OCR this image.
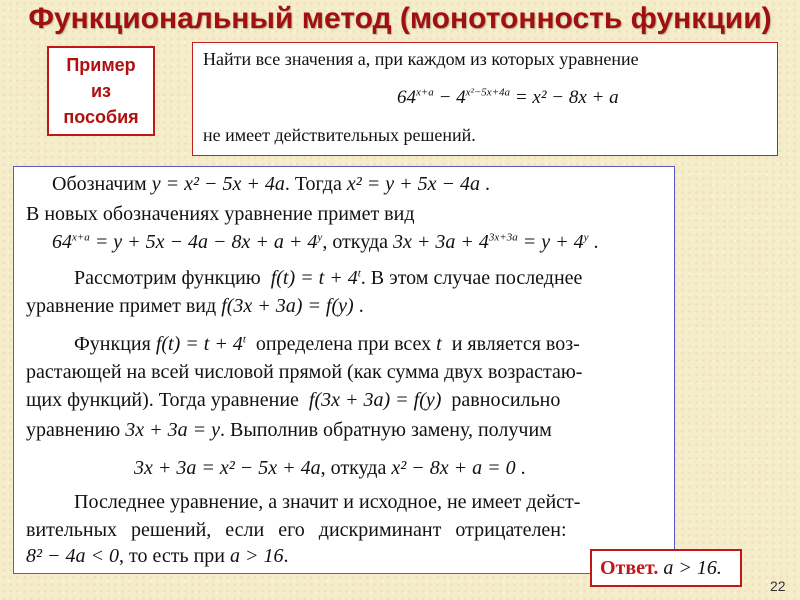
Функциональный метод (монотонность функции)
Пример
из
пособия
Найти все значения a, при каждом из которых уравнение
$64^{x+a} - 4^{x^2-5x+4a} = x^2 - 8x + a$
не имеет действительных решений.
Обозначим y = x² − 5x + 4a. Тогда x² = y + 5x − 4a .
В новых обозначениях уравнение примет вид
$64^{x+a} = y + 5x - 4a - 8x + a + 4^y$, откуда $3x + 3a + 4^{3x+3a} = y + 4^y$ .
Рассмотрим функцию $f(t) = t + 4^t$. В этом случае последнее
уравнение примет вид f(3x + 3a) = f(y) .
Функция $f(t) = t + 4^t$ определена при всех t и является воз-
растающей на всей числовой прямой (как сумма двух возрастаю-
щих функций). Тогда уравнение f(3x + 3a) = f(y) равносильно
уравнению 3x + 3a = y. Выполнив обратную замену, получим
3x + 3a = x² − 5x + 4a, откуда x² − 8x + a = 0 .
Последнее уравнение, а значит и исходное, не имеет дейст-
вительных решений, если его дискриминант отрицателен:
8² − 4a < 0, то есть при a > 16.
Ответ. a > 16.
22
